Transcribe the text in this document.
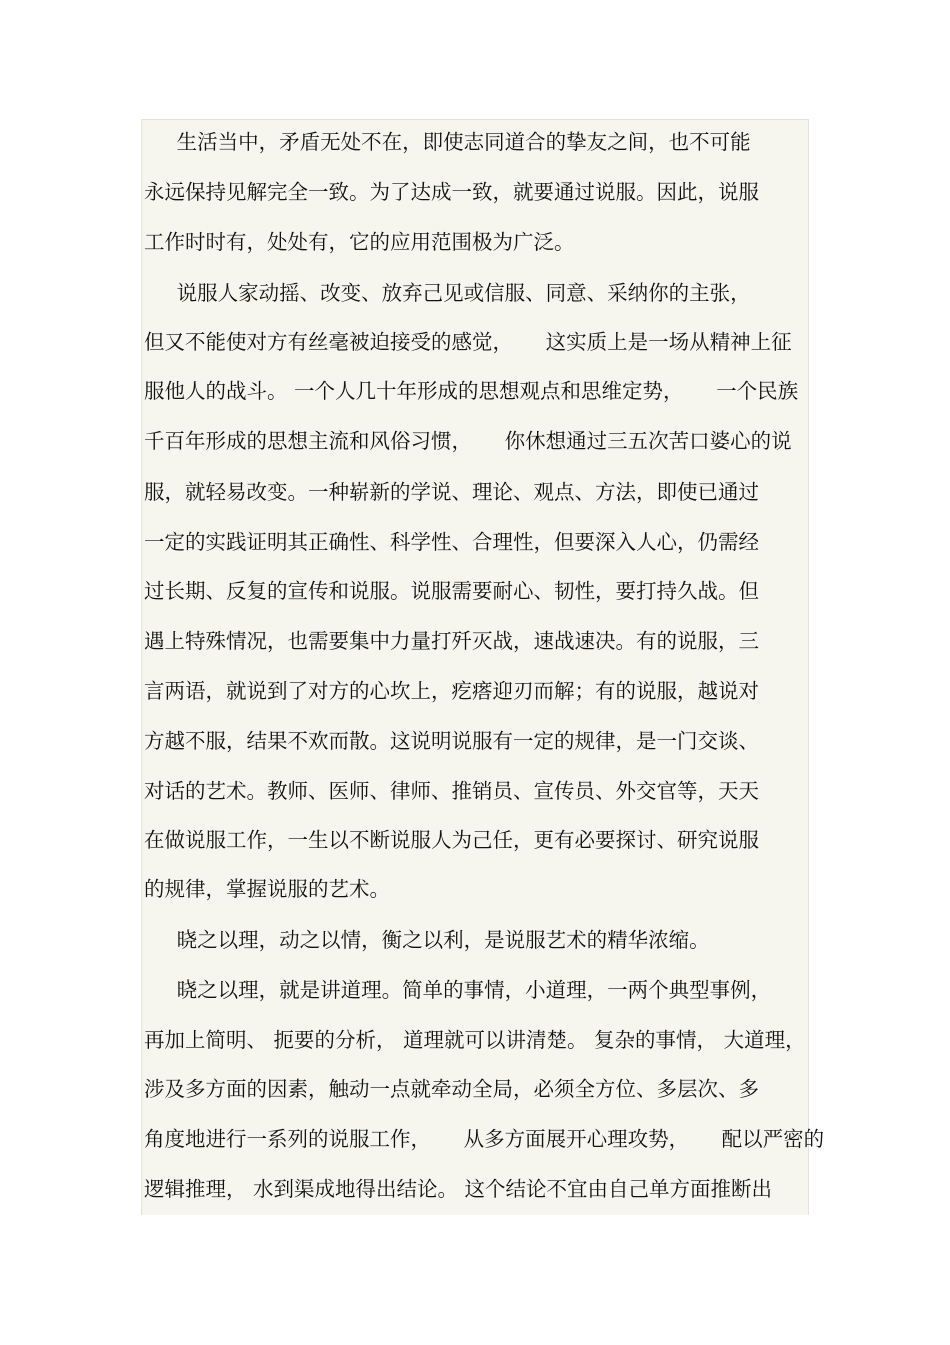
生活当中，矛盾无处不在，即使志同道合的挚友之间，也不可能
永远保持见解完全一致。为了达成一致，就要通过说服。因此，说服
工作时时有，处处有，它的应用范围极为广泛。
说服人家动摇、改变、放弃己见或信服、同意、采纳你的主张，
但又不能使对方有丝毫被迫接受的感觉，     这实质上是一场从精神上征
服他人的战斗。 一个人几十年形成的思想观点和思维定势，     一个民族
千百年形成的思想主流和风俗习惯，     你休想通过三五次苦口婆心的说
服，就轻易改变。一种崭新的学说、理论、观点、方法，即使已通过
一定的实践证明其正确性、科学性、合理性，但要深入人心，仍需经
过长期、反复的宣传和说服。说服需要耐心、韧性，要打持久战。但
遇上特殊情况，也需要集中力量打歼灭战，速战速决。有的说服，三
言两语，就说到了对方的心坎上，疙瘩迎刃而解；有的说服，越说对
方越不服，结果不欢而散。这说明说服有一定的规律，是一门交谈、
对话的艺术。教师、医师、律师、推销员、宣传员、外交官等，天天
在做说服工作，一生以不断说服人为己任，更有必要探讨、研究说服
的规律，掌握说服的艺术。
晓之以理，动之以情，衡之以利，是说服艺术的精华浓缩。
晓之以理，就是讲道理。简单的事情，小道理，一两个典型事例，
再加上简明、 扼要的分析， 道理就可以讲清楚。 复杂的事情， 大道理，
涉及多方面的因素，触动一点就牵动全局，必须全方位、多层次、多
角度地进行一系列的说服工作，     从多方面展开心理攻势，     配以严密的
逻辑推理， 水到渠成地得出结论。 这个结论不宜由自己单方面推断出
